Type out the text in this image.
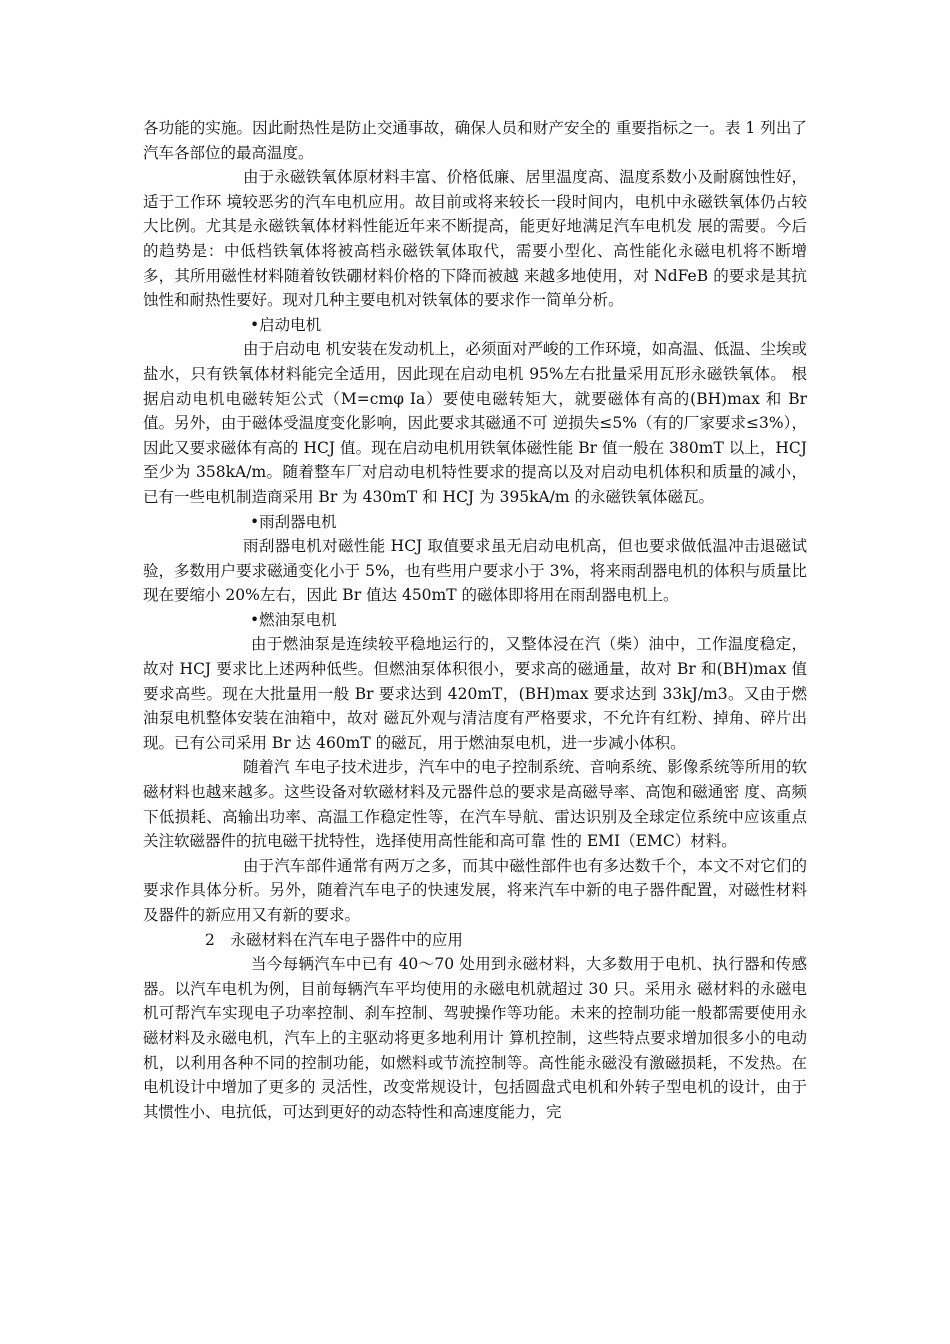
各功能的实施。因此耐热性是防止交通事故，确保人员和财产安全的 重要指标之一。表 1 列出了汽车各部位的最高温度。

由于永磁铁氧体原材料丰富、价格低廉、居里温度高、温度系数小及耐腐蚀性好，适于工作环 境较恶劣的汽车电机应用。故目前或将来较长一段时间内，电机中永磁铁氧体仍占较大比例。尤其是永磁铁氧体材料性能近年来不断提高，能更好地满足汽车电机发 展的需要。今后的趋势是：中低档铁氧体将被高档永磁铁氧体取代，需要小型化、高性能化永磁电机将不断增多，其所用磁性材料随着钕铁硼材料价格的下降而被越 来越多地使用，对 NdFeB 的要求是其抗蚀性和耐热性要好。现对几种主要电机对铁氧体的要求作一简单分析。

•启动电机

由于启动电 机安装在发动机上，必须面对严峻的工作环境，如高温、低温、尘埃或盐水，只有铁氧体材料能完全适用，因此现在启动电机 95%左右批量采用瓦形永磁铁氧体。 根据启动电机电磁转矩公式（M=cmφ Ia）要使电磁转矩大，就要磁体有高的(BH)max 和 Br 值。另外，由于磁体受温度变化影响，因此要求其磁通不可 逆损失≤5%（有的厂家要求≤3%），因此又要求磁体有高的 HCJ 值。现在启动电机用铁氧体磁性能 Br 值一般在 380mT 以上，HCJ 至少为 358kA/m。随着整车厂对启动电机特性要求的提高以及对启动电机体积和质量的减小，已有一些电机制造商采用 Br 为 430mT 和 HCJ 为 395kA/m 的永磁铁氧体磁瓦。

•雨刮器电机

雨刮器电机对磁性能 HCJ 取值要求虽无启动电机高，但也要求做低温冲击退磁试验，多数用户要求磁通变化小于 5%，也有些用户要求小于 3%，将来雨刮器电机的体积与质量比现在要缩小 20%左右，因此 Br 值达 450mT 的磁体即将用在雨刮器电机上。

•燃油泵电机

由于燃油泵是连续较平稳地运行的，又整体浸在汽（柴）油中，工作温度稳定，故对 HCJ 要求比上述两种低些。但燃油泵体积很小，要求高的磁通量，故对 Br 和(BH)max 值要求高些。现在大批量用一般 Br 要求达到 420mT，(BH)max 要求达到 33kJ/m3。又由于燃油泵电机整体安装在油箱中，故对 磁瓦外观与清洁度有严格要求，不允许有红粉、掉角、碎片出现。已有公司采用 Br 达 460mT 的磁瓦，用于燃油泵电机，进一步减小体积。

随着汽 车电子技术进步，汽车中的电子控制系统、音响系统、影像系统等所用的软磁材料也越来越多。这些设备对软磁材料及元器件总的要求是高磁导率、高饱和磁通密 度、高频下低损耗、高输出功率、高温工作稳定性等，在汽车导航、雷达识别及全球定位系统中应该重点关注软磁器件的抗电磁干扰特性，选择使用高性能和高可靠 性的 EMI（EMC）材料。

由于汽车部件通常有两万之多，而其中磁性部件也有多达数千个，本文不对它们的要求作具体分析。另外，随着汽车电子的快速发展，将来汽车中新的电子器件配置，对磁性材料及器件的新应用又有新的要求。

2　永磁材料在汽车电子器件中的应用

当今每辆汽车中已有 40～70 处用到永磁材料，大多数用于电机、执行器和传感器。以汽车电机为例，目前每辆汽车平均使用的永磁电机就超过 30 只。采用永 磁材料的永磁电机可帮汽车实现电子功率控制、刹车控制、驾驶操作等功能。未来的控制功能一般都需要使用永磁材料及永磁电机，汽车上的主驱动将更多地利用计 算机控制，这些特点要求增加很多小的电动机，以利用各种不同的控制功能，如燃料或节流控制等。高性能永磁没有激磁损耗，不发热。在电机设计中增加了更多的 灵活性，改变常规设计，包括圆盘式电机和外转子型电机的设计，由于其惯性小、电抗低，可达到更好的动态特性和高速度能力，完
